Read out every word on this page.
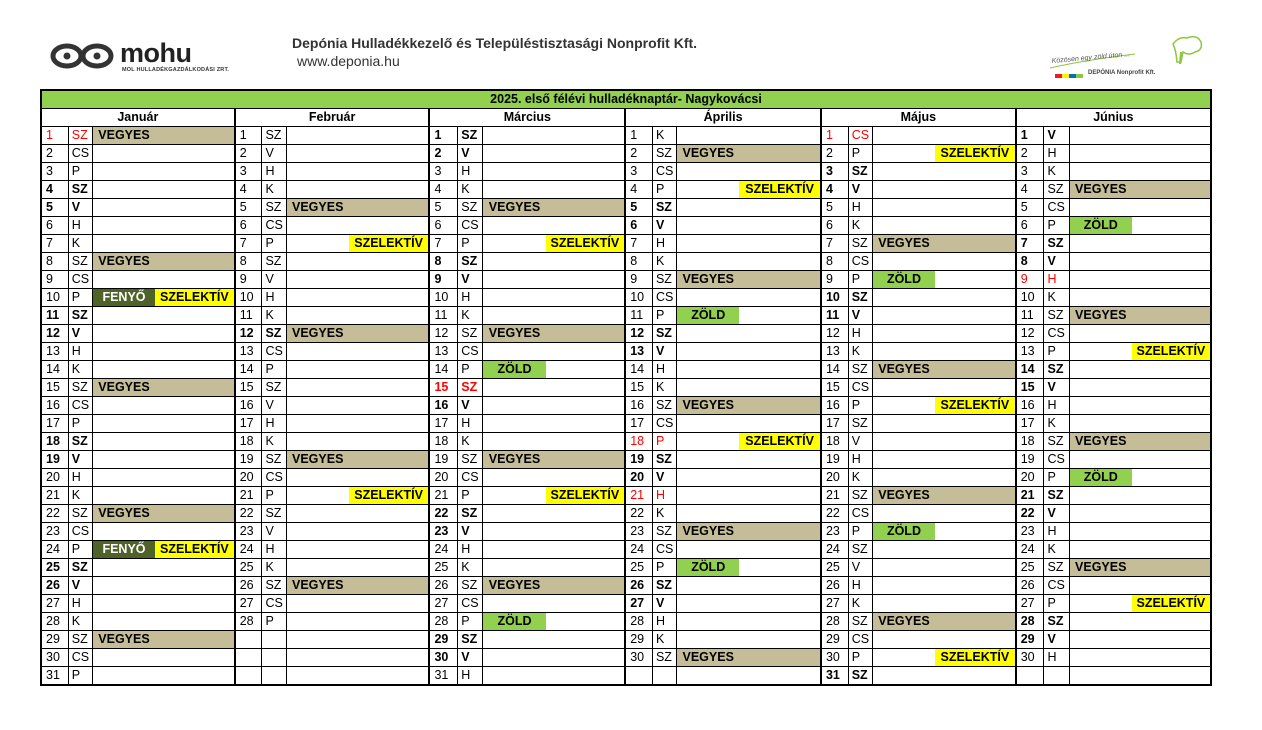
mohu
MOL HULLADÉKGAZDÁLKODÁSI ZRT.
Depónia Hulladékkezelő és Településtisztasági Nonprofit Kft.
www.deponia.hu	Közösen egy zöld úton ...
DEPÓNIA Nonprofit Kft.
2025. első félévi hulladéknaptár- Nagykovácsi																							
Január				Február				Március				Április				Május				Június			
1	SZ	VEGYES		1	SZ			1	SZ			1	K			1	CS			1	V		
2	CS			2	V			2	V			2	SZ	VEGYES		2	P		SZELEKTÍV	2	H		
3	P			3	H			3	H			3	CS			3	SZ			3	K		
4	SZ			4	K			4	K			4	P		SZELEKTÍV	4	V			4	SZ	VEGYES	
5	V			5	SZ	VEGYES		5	SZ	VEGYES		5	SZ			5	H			5	CS		
6	H			6	CS			6	CS			6	V			6	K			6	P	ZÖLD	
7	K			7	P		SZELEKTÍV	7	P		SZELEKTÍV	7	H			7	SZ	VEGYES		7	SZ		
8	SZ	VEGYES		8	SZ			8	SZ			8	K			8	CS			8	V		
9	CS			9	V			9	V			9	SZ	VEGYES		9	P	ZÖLD		9	H		
10	P	FENYŐ	SZELEKTÍV	10	H			10	H			10	CS			10	SZ			10	K		
11	SZ			11	K			11	K			11	P	ZÖLD		11	V			11	SZ	VEGYES	
12	V			12	SZ	VEGYES		12	SZ	VEGYES		12	SZ			12	H			12	CS		
13	H			13	CS			13	CS			13	V			13	K			13	P		SZELEKTÍV
14	K			14	P			14	P	ZÖLD		14	H			14	SZ	VEGYES		14	SZ		
15	SZ	VEGYES		15	SZ			15	SZ			15	K			15	CS			15	V		
16	CS			16	V			16	V			16	SZ	VEGYES		16	P		SZELEKTÍV	16	H		
17	P			17	H			17	H			17	CS			17	SZ			17	K		
18	SZ			18	K			18	K			18	P		SZELEKTÍV	18	V			18	SZ	VEGYES	
19	V			19	SZ	VEGYES		19	SZ	VEGYES		19	SZ			19	H			19	CS		
20	H			20	CS			20	CS			20	V			20	K			20	P	ZÖLD	
21	K			21	P		SZELEKTÍV	21	P		SZELEKTÍV	21	H			21	SZ	VEGYES		21	SZ		
22	SZ	VEGYES		22	SZ			22	SZ			22	K			22	CS			22	V		
23	CS			23	V			23	V			23	SZ	VEGYES		23	P	ZÖLD		23	H		
24	P	FENYŐ	SZELEKTÍV	24	H			24	H			24	CS			24	SZ			24	K		
25	SZ			25	K			25	K			25	P	ZÖLD		25	V			25	SZ	VEGYES	
26	V			26	SZ	VEGYES		26	SZ	VEGYES		26	SZ			26	H			26	CS		
27	H			27	CS			27	CS			27	V			27	K			27	P		SZELEKTÍV
28	K			28	P			28	P	ZÖLD		28	H			28	SZ	VEGYES		28	SZ		
29	SZ	VEGYES						29	SZ			29	K			29	CS			29	V		
30	CS							30	V			30	SZ	VEGYES		30	P		SZELEKTÍV	30	H		
31	P							31	H							31	SZ						
